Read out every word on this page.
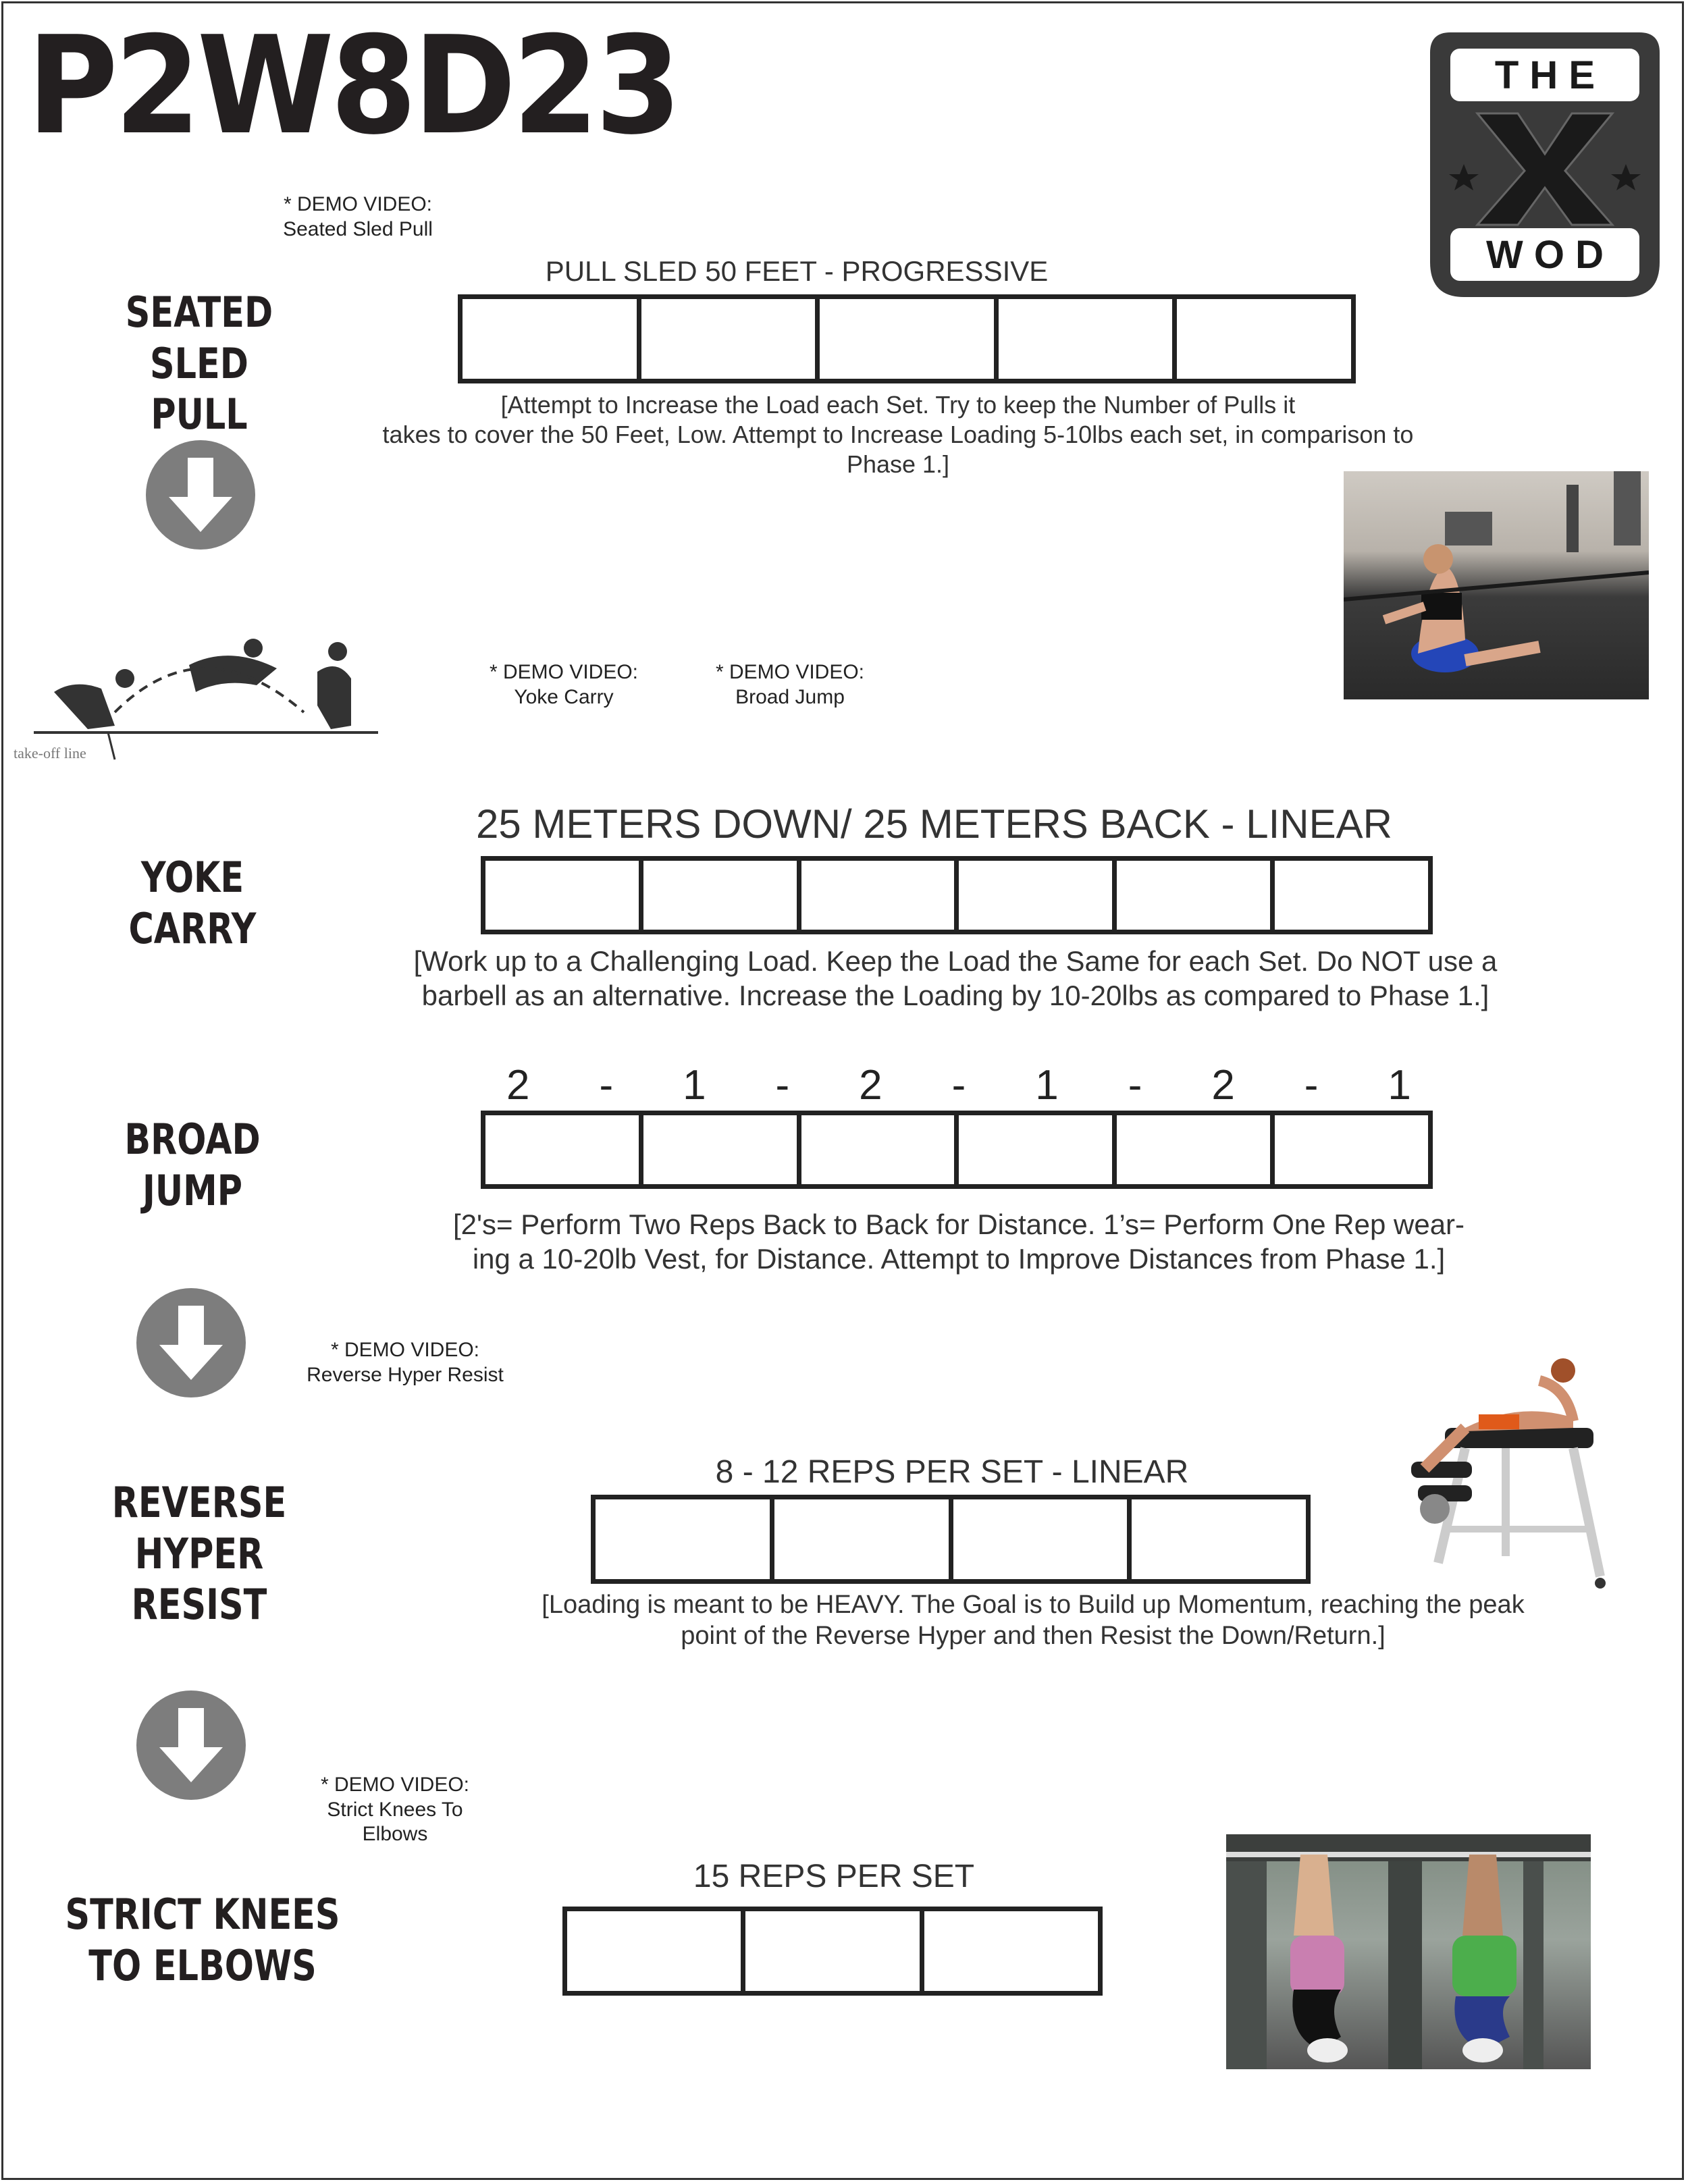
P2W8D23	T H E
W O D
* DEMO VIDEO:
Seated Sled Pull
SEATED
SLED PULL
PULL SLED 50 FEET - PROGRESSIVE
[Attempt to Increase the Load each Set. Try to keep the Number of Pulls it
takes to cover the 50 Feet, Low. Attempt to Increase Loading 5-10lbs each set, in comparison to
Phase 1.]
take-off line
* DEMO VIDEO:
Yoke Carry
* DEMO VIDEO:
Broad Jump
25 METERS DOWN/ 25 METERS BACK - LINEAR
YOKE
CARRY
[Work up to a Challenging Load. Keep the Load the Same for each Set. Do NOT use a
barbell as an alternative. Increase the Loading by 10-20lbs as compared to Phase 1.]
2 - 1 - 2 - 1 - 2 - 1
BROAD
JUMP
[2's= Perform Two Reps Back to Back for Distance. 1’s= Perform One Rep wear-
ing a 10-20lb Vest, for Distance. Attempt to Improve Distances from Phase 1.]
* DEMO VIDEO:
Reverse Hyper Resist
8 - 12 REPS PER SET - LINEAR
REVERSE
HYPER RESIST	[Loading is meant to be HEAVY. The Goal is to Build up Momentum, reaching the peak
point of the Reverse Hyper and then Resist the Down/Return.]
* DEMO VIDEO:
Strict Knees To
Elbows
15 REPS PER SET
STRICT KNEES
TO ELBOWS
